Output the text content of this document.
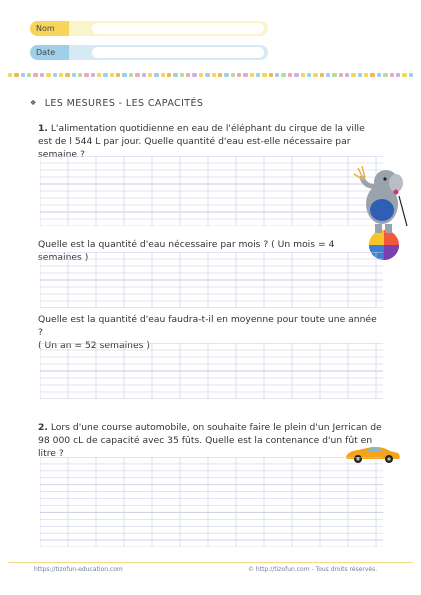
Nom
Date
❖ LES MESURES - LES CAPACITÉS
1. L'alimentation quotidienne en eau de l'éléphant du cirque de la ville est de l 544 L par jour. Quelle quantité d'eau est-elle nécessaire par semaine ?
Quelle est la quantité d'eau nécessaire par mois ? ( Un mois = 4 semaines )
Quelle est la quantité d'eau faudra-t-il en moyenne pour toute une année ?
( Un an = 52 semaines )
2. Lors d'une course automobile, on souhaite faire le plein d'un Jerrican de 98 000 cL de capacité avec 35 fûts. Quelle est la contenance d'un fût en litre ?
https://tizofun-education.com	© http://tizofun.com - Tous droits réservés.
